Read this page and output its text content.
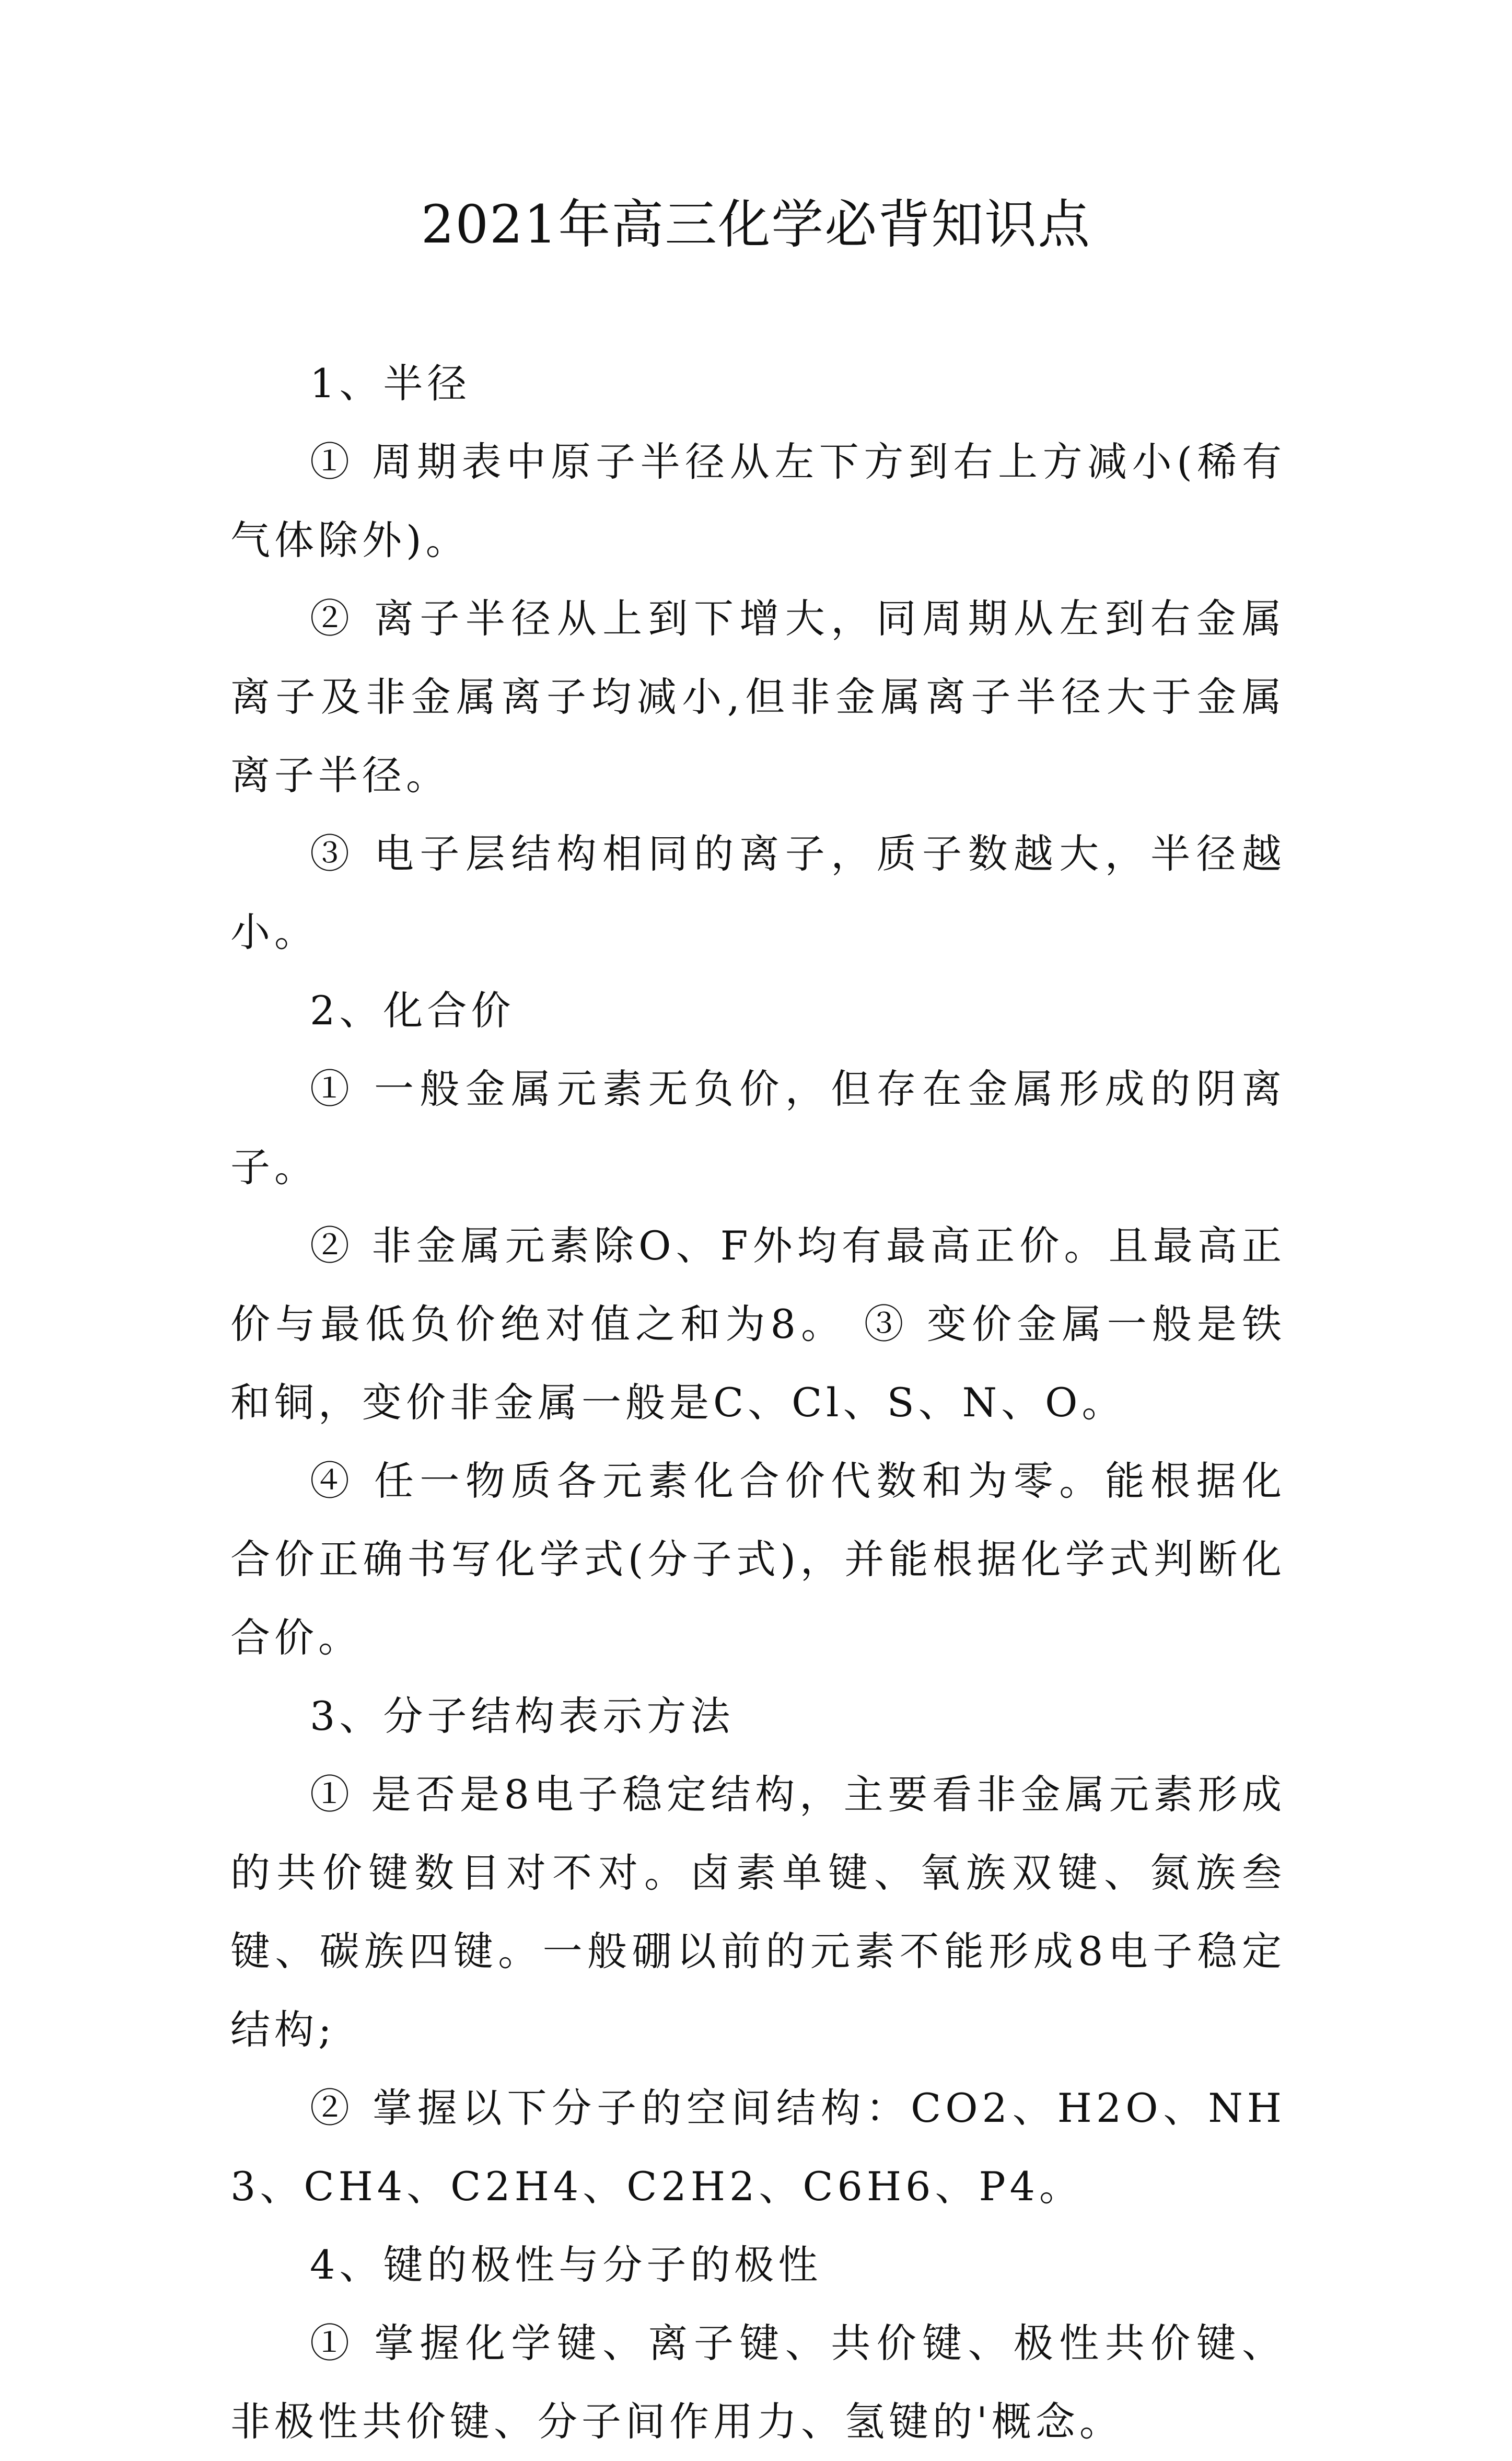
2021年高三化学必背知识点

1、半径

① 周期表中原子半径从左下方到右上方减小(稀有气体除外)。

② 离子半径从上到下增大，同周期从左到右金属离子及非金属离子均减小,但非金属离子半径大于金属离子半径。

③ 电子层结构相同的离子，质子数越大，半径越小。

2、化合价

① 一般金属元素无负价，但存在金属形成的阴离子。

② 非金属元素除O、F外均有最高正价。且最高正价与最低负价绝对值之和为8。 ③ 变价金属一般是铁和铜，变价非金属一般是C、Cl、S、N、O。

④ 任一物质各元素化合价代数和为零。能根据化合价正确书写化学式(分子式)，并能根据化学式判断化合价。

3、分子结构表示方法

① 是否是8电子稳定结构，主要看非金属元素形成的共价键数目对不对。卤素单键、氧族双键、氮族叁键、碳族四键。一般硼以前的元素不能形成8电子稳定结构;

② 掌握以下分子的空间结构：CO2、H2O、NH3、CH4、C2H4、C2H2、C6H6、P4。

4、键的极性与分子的极性

① 掌握化学键、离子键、共价键、极性共价键、非极性共价键、分子间作用力、氢键的'概念。
